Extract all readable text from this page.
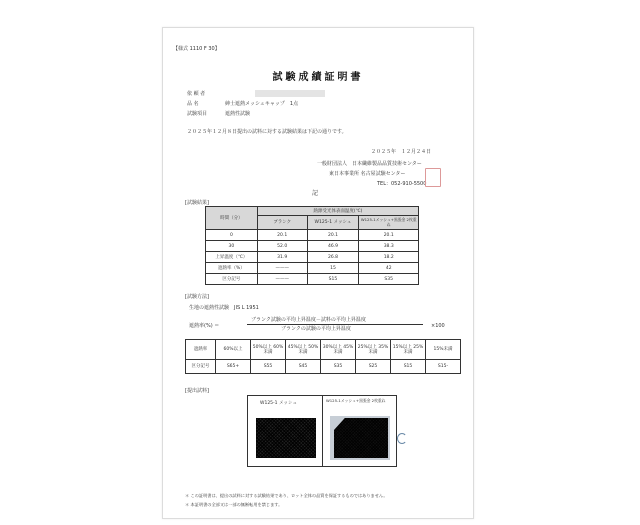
【様式 1110 F 30】
試験成績証明書
依 頼 者
品 名	紳士遮熱メッシュキャップ　1点
試験項目	遮熱性試験
２０２５年１２月８日提出の試料に対する試験結果は下記の通りです。
２０２５年　１２月２４日
一般財団法人　日本繊維製品品質技術センター
東日本事業所 名古屋試験センター
TEL：052-910-5500
記
[試験結果]
時間（分）	熱源受光体表面温度(℃)		
	ブランク	W125-1 メッシュ	W125-1メッシュ+黒張金 2枚重ね
0	20.1	20.1	20.1
30	52.0	46.9	38.3
上昇温度（℃）	31.9	26.8	18.2
遮熱率（%）	———	15	42
区分記号	———	S15	S35
[試験方法]
生地の遮熱性試験　JIS L 1951
遮熱率(%) ＝
ブランク試験の平均上昇温度－試料の平均上昇温度
ブランクの試験の平均上昇温度	×100
遮熱率	60%以上	50%以上 60%未満	45%以上 50%未満	30%以上 45%未満	25%以上 35%未満	15%以上 25%未満	15%未満
区分記号	S65+	S55	S45	S35	S25	S15	S15-
[提出試料]
W125-1 メッシュ
W125-1メッシュ+黒張金 2枚重ね
＊ この証明書は、提出の試料に対する試験結果であり、ロット全体の品質を保証するものではありません。
＊ 本証明書の全部又は一部の無断転用を禁じます。
